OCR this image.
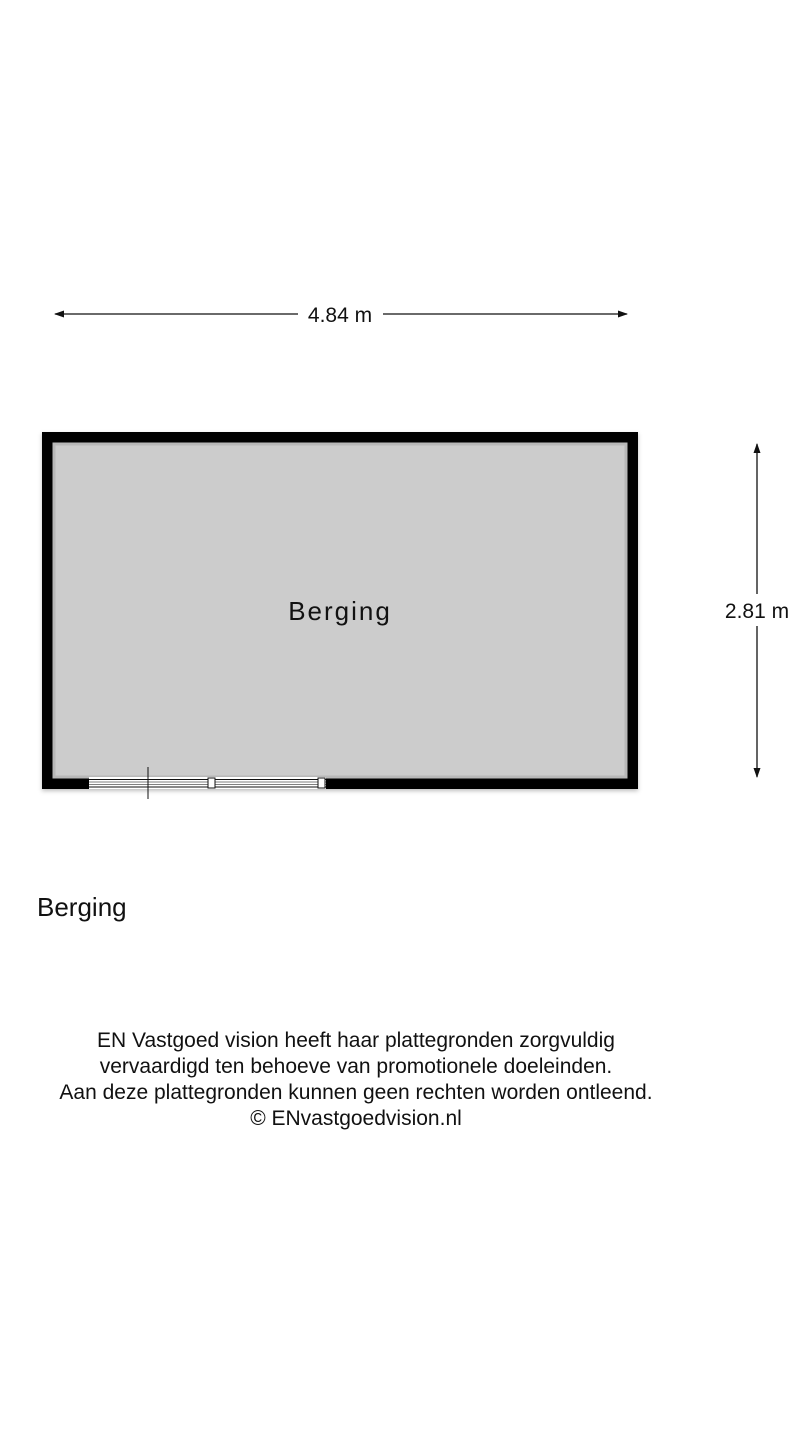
4.84 m
2.81 m
Berging
Berging
EN Vastgoed vision heeft haar plattegronden zorgvuldig
vervaardigd ten behoeve van promotionele doeleinden.
Aan deze plattegronden kunnen geen rechten worden ontleend.
© ENvastgoedvision.nl
